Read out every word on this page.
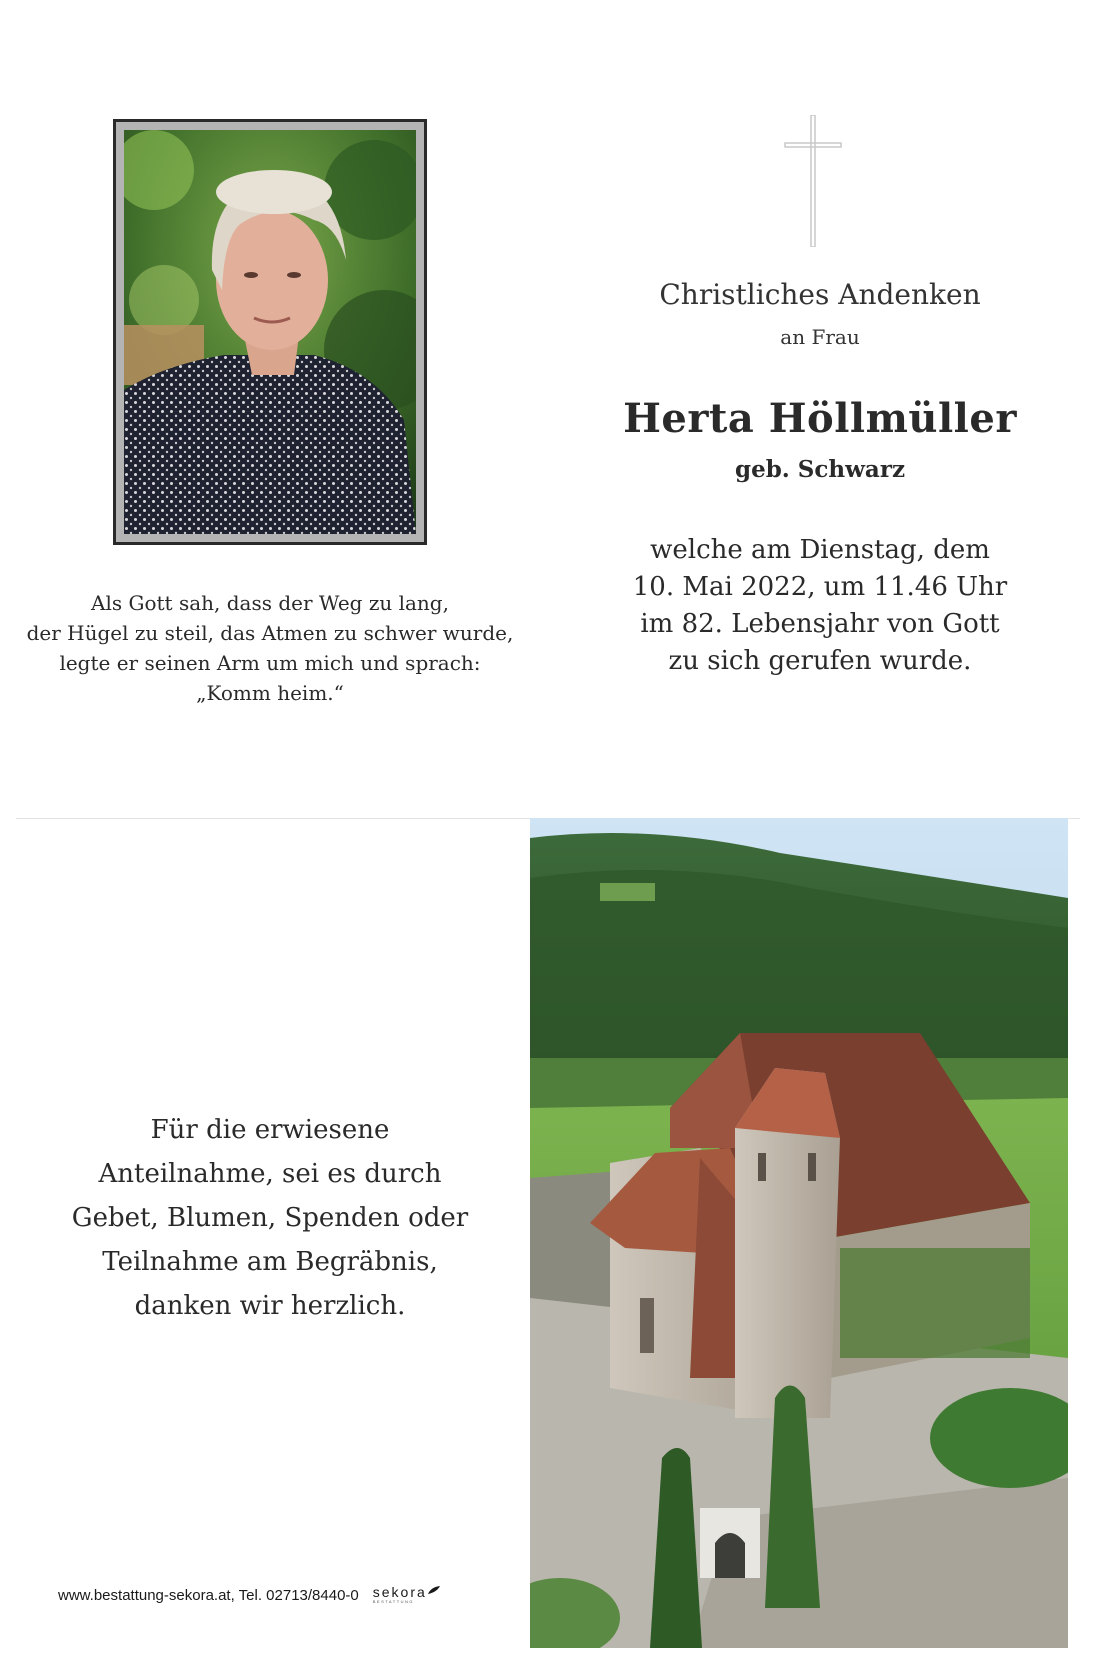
Als Gott sah, dass der Weg zu lang,

der Hügel zu steil, das Atmen zu schwer wurde,

legte er seinen Arm um mich und sprach:

„Komm heim.“

Christliches Andenken
an Frau
Herta Höllmüller
geb. Schwarz

welche am Dienstag, dem

10. Mai 2022, um 11.46 Uhr

im 82. Lebensjahr von Gott

zu sich gerufen wurde.

Für die erwiesene

Anteilnahme, sei es durch

Gebet, Blumen, Spenden oder

Teilnahme am Begräbnis,

danken wir herzlich.

www.bestattung-sekora.at, Tel. 02713/8440-0 sekora
BESTATTUNG
